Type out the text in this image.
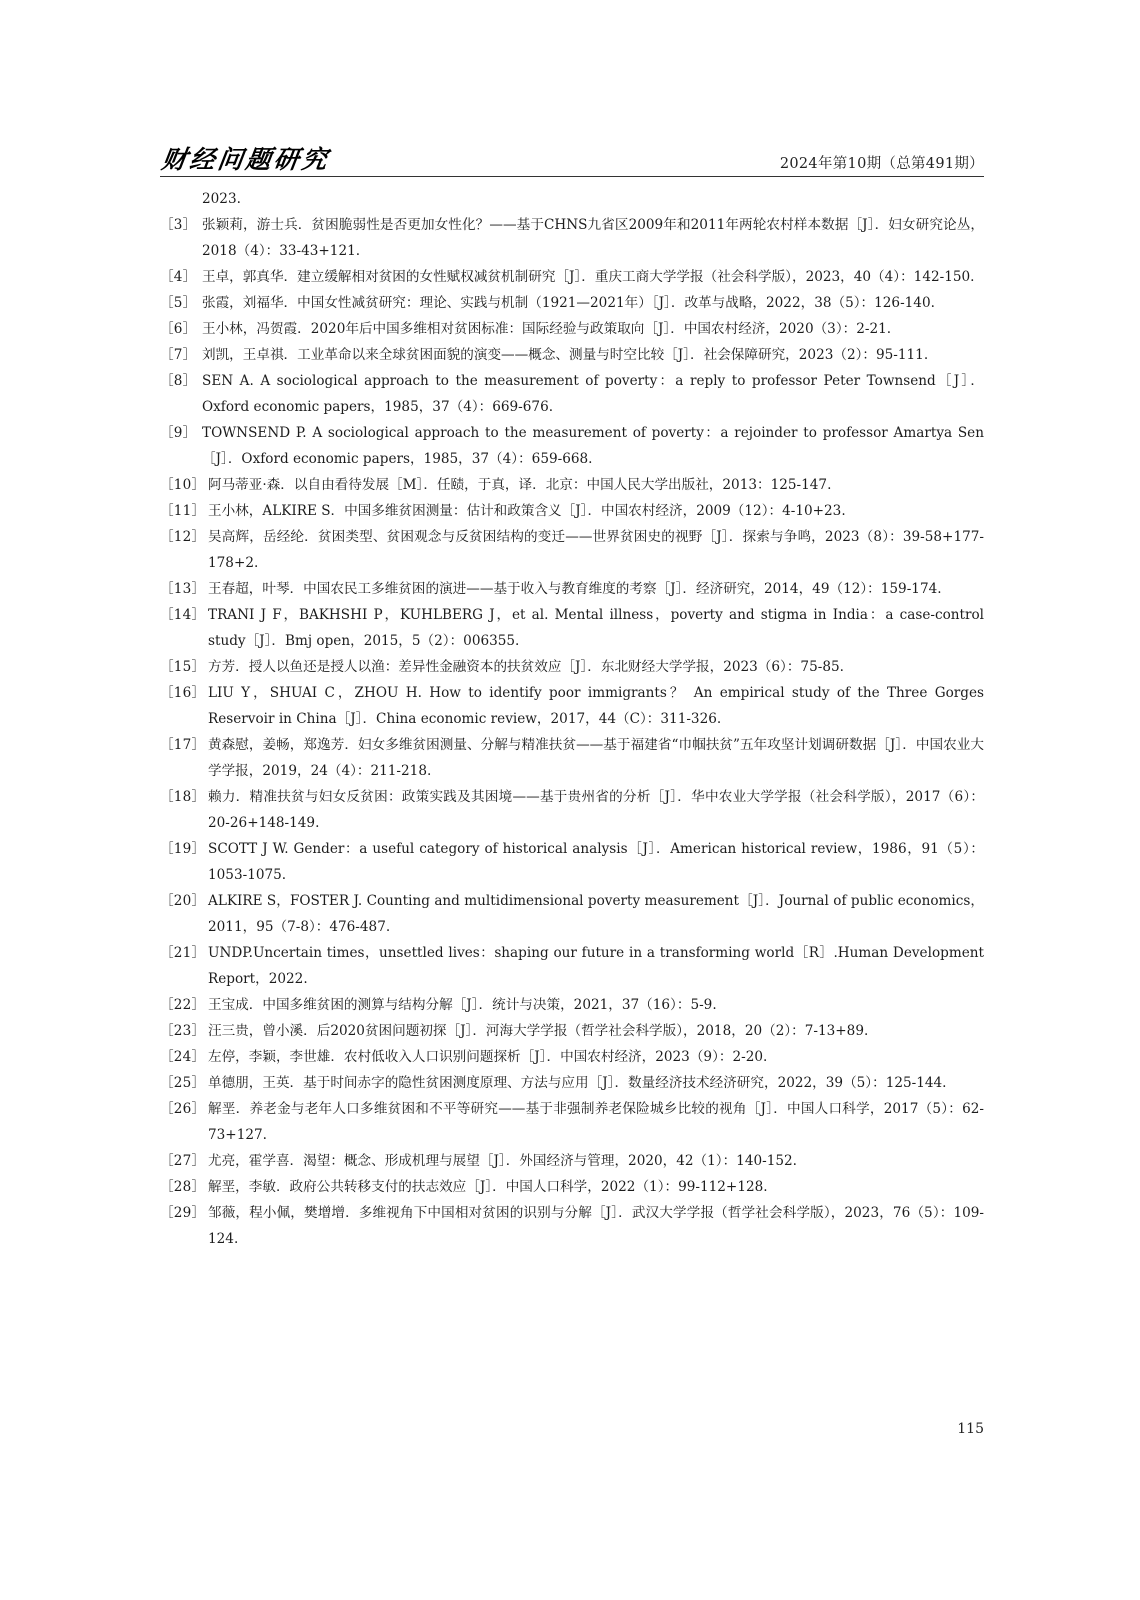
财经问题研究	2024年第10期（总第491期）
2023.
［3］ 张颖莉，游士兵．贫困脆弱性是否更加女性化？——基于CHNS九省区2009年和2011年两轮农村样本数据［J］．妇女研究论丛，2018（4）：33-43+121.
［4］ 王卓，郭真华．建立缓解相对贫困的女性赋权减贫机制研究［J］．重庆工商大学学报（社会科学版），2023，40（4）：142-150.
［5］ 张霞，刘福华．中国女性减贫研究：理论、实践与机制（1921—2021年）［J］．改革与战略，2022，38（5）：126-140.
［6］ 王小林，冯贺霞．2020年后中国多维相对贫困标准：国际经验与政策取向［J］．中国农村经济，2020（3）：2-21.
［7］ 刘凯，王卓祺．工业革命以来全球贫困面貌的演变——概念、测量与时空比较［J］．社会保障研究，2023（2）：95-111.
［8］ SEN A. A sociological approach to the measurement of poverty：a reply to professor Peter Townsend［J］．Oxford economic papers，1985，37（4）：669-676.
［9］ TOWNSEND P. A sociological approach to the measurement of poverty：a rejoinder to professor Amartya Sen［J］．Oxford economic papers，1985，37（4）：659-668.
［10］ 阿马蒂亚·森．以自由看待发展［M］．任赜，于真，译．北京：中国人民大学出版社，2013：125-147.
［11］ 王小林，ALKIRE S．中国多维贫困测量：估计和政策含义［J］．中国农村经济，2009（12）：4-10+23.
［12］ 吴高辉，岳经纶．贫困类型、贫困观念与反贫困结构的变迁——世界贫困史的视野［J］．探索与争鸣，2023（8）：39-58+177-178+2.
［13］ 王春超，叶琴．中国农民工多维贫困的演进——基于收入与教育维度的考察［J］．经济研究，2014，49（12）：159-174.
［14］ TRANI J F，BAKHSHI P，KUHLBERG J，et al. Mental illness，poverty and stigma in India：a case-control study［J］．Bmj open，2015，5（2）：006355.
［15］ 方芳．授人以鱼还是授人以渔：差异性金融资本的扶贫效应［J］．东北财经大学学报，2023（6）：75-85.
［16］ LIU Y，SHUAI C，ZHOU H. How to identify poor immigrants？ An empirical study of the Three Gorges Reservoir in China［J］．China economic review，2017，44（C）：311-326.
［17］ 黄森慰，姜畅，郑逸芳．妇女多维贫困测量、分解与精准扶贫——基于福建省“巾帼扶贫”五年攻坚计划调研数据［J］．中国农业大学学报，2019，24（4）：211-218.
［18］ 赖力．精准扶贫与妇女反贫困：政策实践及其困境——基于贵州省的分析［J］．华中农业大学学报（社会科学版），2017（6）：20-26+148-149.
［19］ SCOTT J W. Gender：a useful category of historical analysis［J］．American historical review，1986，91（5）：1053-1075.
［20］ ALKIRE S，FOSTER J. Counting and multidimensional poverty measurement［J］．Journal of public economics，2011，95（7-8）：476-487.
［21］ UNDP.Uncertain times，unsettled lives：shaping our future in a transforming world［R］.Human Development Report，2022.
［22］ 王宝成．中国多维贫困的测算与结构分解［J］．统计与决策，2021，37（16）：5-9.
［23］ 汪三贵，曾小溪．后2020贫困问题初探［J］．河海大学学报（哲学社会科学版），2018，20（2）：7-13+89.
［24］ 左停，李颖，李世雄．农村低收入人口识别问题探析［J］．中国农村经济，2023（9）：2-20.
［25］ 单德朋，王英．基于时间赤字的隐性贫困测度原理、方法与应用［J］．数量经济技术经济研究，2022，39（5）：125-144.
［26］ 解垩．养老金与老年人口多维贫困和不平等研究——基于非强制养老保险城乡比较的视角［J］．中国人口科学，2017（5）：62-73+127.
［27］ 尤亮，霍学喜．渴望：概念、形成机理与展望［J］．外国经济与管理，2020，42（1）：140-152.
［28］ 解垩，李敏．政府公共转移支付的扶志效应［J］．中国人口科学，2022（1）：99-112+128.
［29］ 邹薇，程小佩，樊增增．多维视角下中国相对贫困的识别与分解［J］．武汉大学学报（哲学社会科学版），2023，76（5）：109-124.
115
